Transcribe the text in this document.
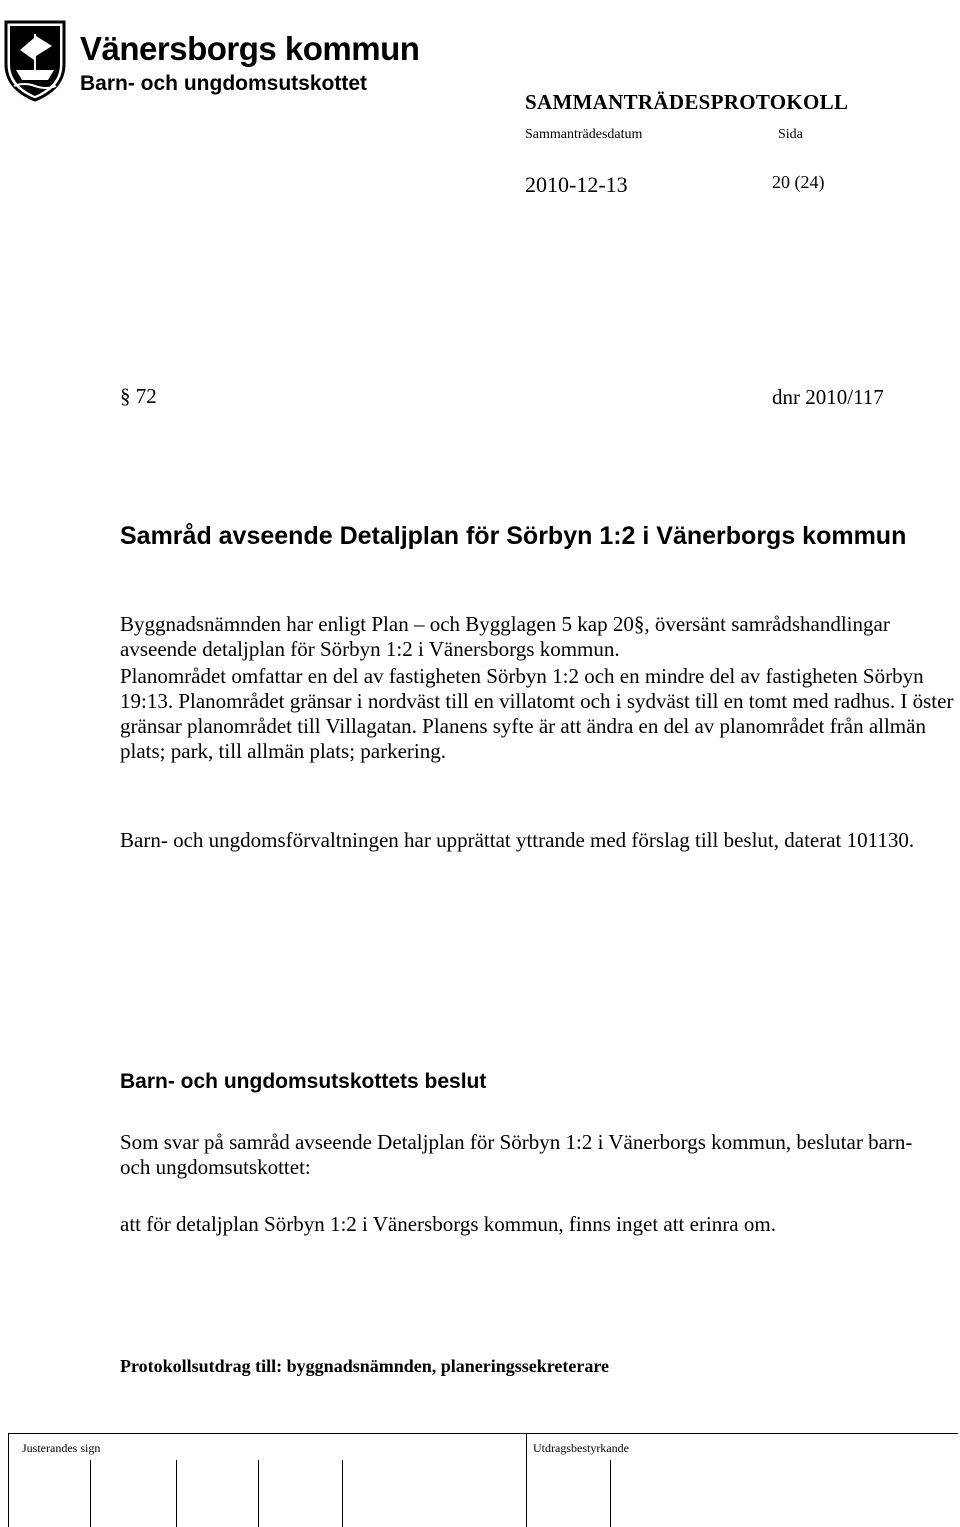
Vänersborgs kommun
Barn- och ungdomsutskottet
SAMMANTRÄDESPROTOKOLL
Sammanträdesdatum	Sida
2010-12-13	20 (24)
§ 72	dnr 2010/117
Samråd avseende Detaljplan för Sörbyn 1:2 i Vänerborgs kommun
Byggnadsnämnden har enligt Plan – och Bygglagen 5 kap 20§, översänt samrådshandlingar avseende detaljplan för Sörbyn 1:2 i Vänersborgs kommun.
Planområdet omfattar en del av fastigheten Sörbyn 1:2 och en mindre del av fastigheten Sörbyn 19:13. Planområdet gränsar i nordväst till en villatomt och i sydväst till en tomt med radhus. I öster gränsar planområdet till Villagatan. Planens syfte är att ändra en del av planområdet från allmän plats; park, till allmän plats; parkering.
Barn- och ungdomsförvaltningen har upprättat yttrande med förslag till beslut, daterat 101130.
Barn- och ungdomsutskottets beslut
Som svar på samråd avseende Detaljplan för Sörbyn 1:2 i Vänerborgs kommun, beslutar barn- och ungdomsutskottet:
att för detaljplan Sörbyn 1:2 i Vänersborgs kommun, finns inget att erinra om.
Protokollsutdrag till: byggnadsnämnden, planeringssekreterare
Justerandes sign	Utdragsbestyrkande
